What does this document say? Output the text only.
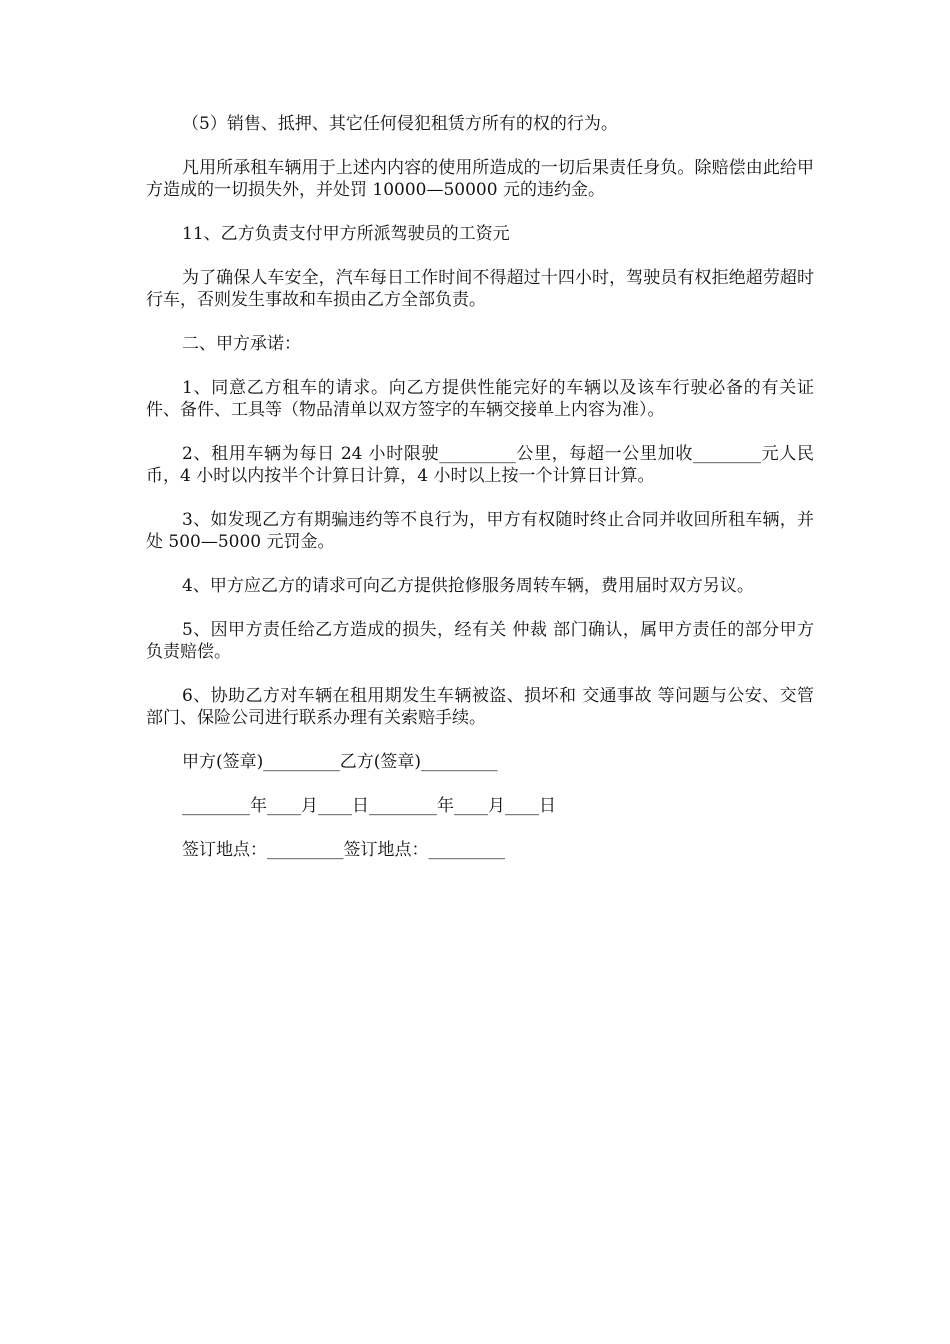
（5）销售、抵押、其它任何侵犯租赁方所有的权的行为。

凡用所承租车辆用于上述内内容的使用所造成的一切后果责任身负。除赔偿由此给甲方造成的一切损失外，并处罚 10000—50000 元的违约金。

11、乙方负责支付甲方所派驾驶员的工资元

为了确保人车安全，汽车每日工作时间不得超过十四小时，驾驶员有权拒绝超劳超时行车，否则发生事故和车损由乙方全部负责。

二、甲方承诺：

1、同意乙方租车的请求。向乙方提供性能完好的车辆以及该车行驶必备的有关证件、备件、工具等（物品清单以双方签字的车辆交接单上内容为准）。

2、租用车辆为每日 24 小时限驶_________公里，每超一公里加收________元人民币，4 小时以内按半个计算日计算，4 小时以上按一个计算日计算。

3、如发现乙方有期骗违约等不良行为，甲方有权随时终止合同并收回所租车辆，并处 500—5000 元罚金。

4、甲方应乙方的请求可向乙方提供抢修服务周转车辆，费用届时双方另议。

5、因甲方责任给乙方造成的损失，经有关 仲裁 部门确认，属甲方责任的部分甲方负责赔偿。

6、协助乙方对车辆在租用期发生车辆被盗、损坏和 交通事故 等问题与公安、交管部门、保险公司进行联系办理有关索赔手续。

甲方(签章)_________乙方(签章)_________

________年____月____日________年____月____日

签订地点：_________签订地点：_________
